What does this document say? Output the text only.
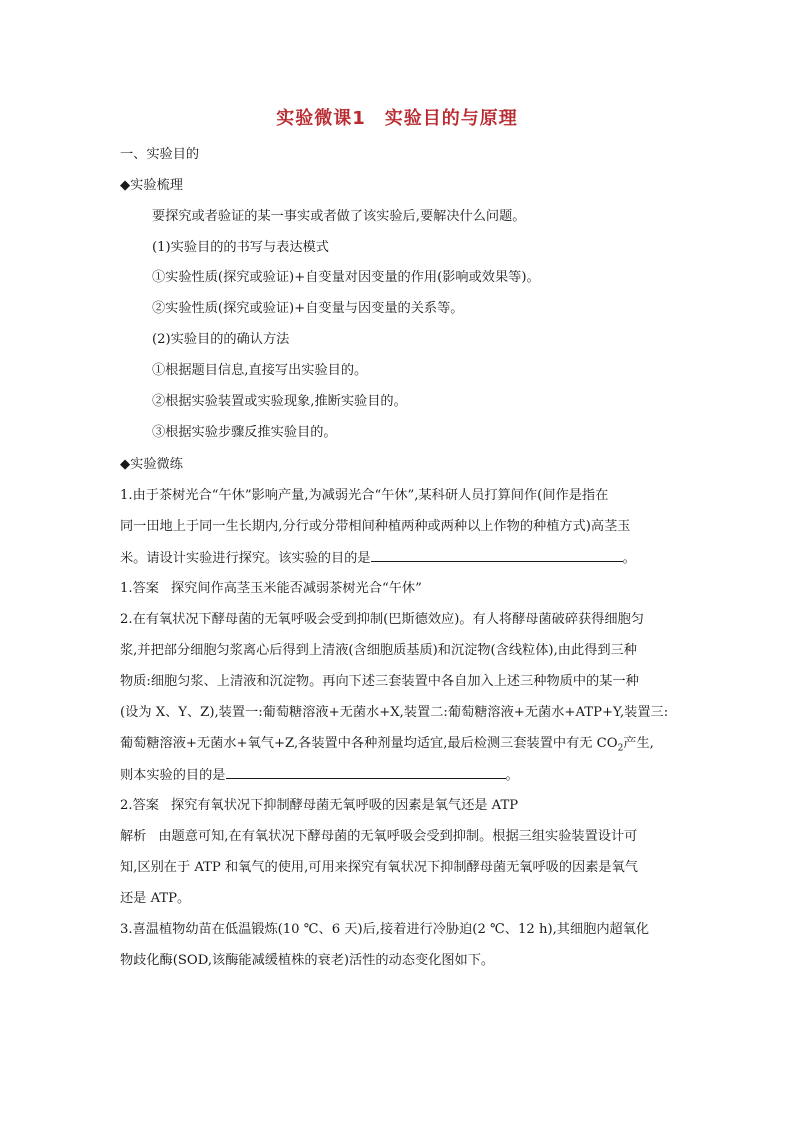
实验微课1　实验目的与原理
一、实验目的
◆实验梳理
要探究或者验证的某一事实或者做了该实验后,要解决什么问题。
(1)实验目的的书写与表达模式
①实验性质(探究或验证)+自变量对因变量的作用(影响或效果等)。
②实验性质(探究或验证)+自变量与因变量的关系等。
(2)实验目的的确认方法
①根据题目信息,直接写出实验目的。
②根据实验装置或实验现象,推断实验目的。
③根据实验步骤反推实验目的。
◆实验微练
1.由于茶树光合“午休”影响产量,为减弱光合“午休”,某科研人员打算间作(间作是指在
同一田地上于同一生长期内,分行或分带相间种植两种或两种以上作物的种植方式)高茎玉
米。请设计实验进行探究。该实验的目的是	。
1.答案 探究间作高茎玉米能否减弱茶树光合“午休”
2.在有氧状况下酵母菌的无氧呼吸会受到抑制(巴斯德效应)。有人将酵母菌破碎获得细胞匀
浆,并把部分细胞匀浆离心后得到上清液(含细胞质基质)和沉淀物(含线粒体),由此得到三种
物质:细胞匀浆、上清液和沉淀物。再向下述三套装置中各自加入上述三种物质中的某一种
(设为 X、Y、Z),装置一:葡萄糖溶液+无菌水+X,装置二:葡萄糖溶液+无菌水+ATP+Y,装置三:
葡萄糖溶液+无菌水+氧气+Z,各装置中各种剂量均适宜,最后检测三套装置中有无 $CO_2$产生,
则本实验的目的是	。
2.答案 探究有氧状况下抑制酵母菌无氧呼吸的因素是氧气还是 ATP
解析 由题意可知,在有氧状况下酵母菌的无氧呼吸会受到抑制。根据三组实验装置设计可
知,区别在于 ATP 和氧气的使用,可用来探究有氧状况下抑制酵母菌无氧呼吸的因素是氧气
还是 ATP。
3.喜温植物幼苗在低温锻炼(10 ℃、6 天)后,接着进行冷胁迫(2 ℃、12 h),其细胞内超氧化
物歧化酶(SOD,该酶能减缓植株的衰老)活性的动态变化图如下。
